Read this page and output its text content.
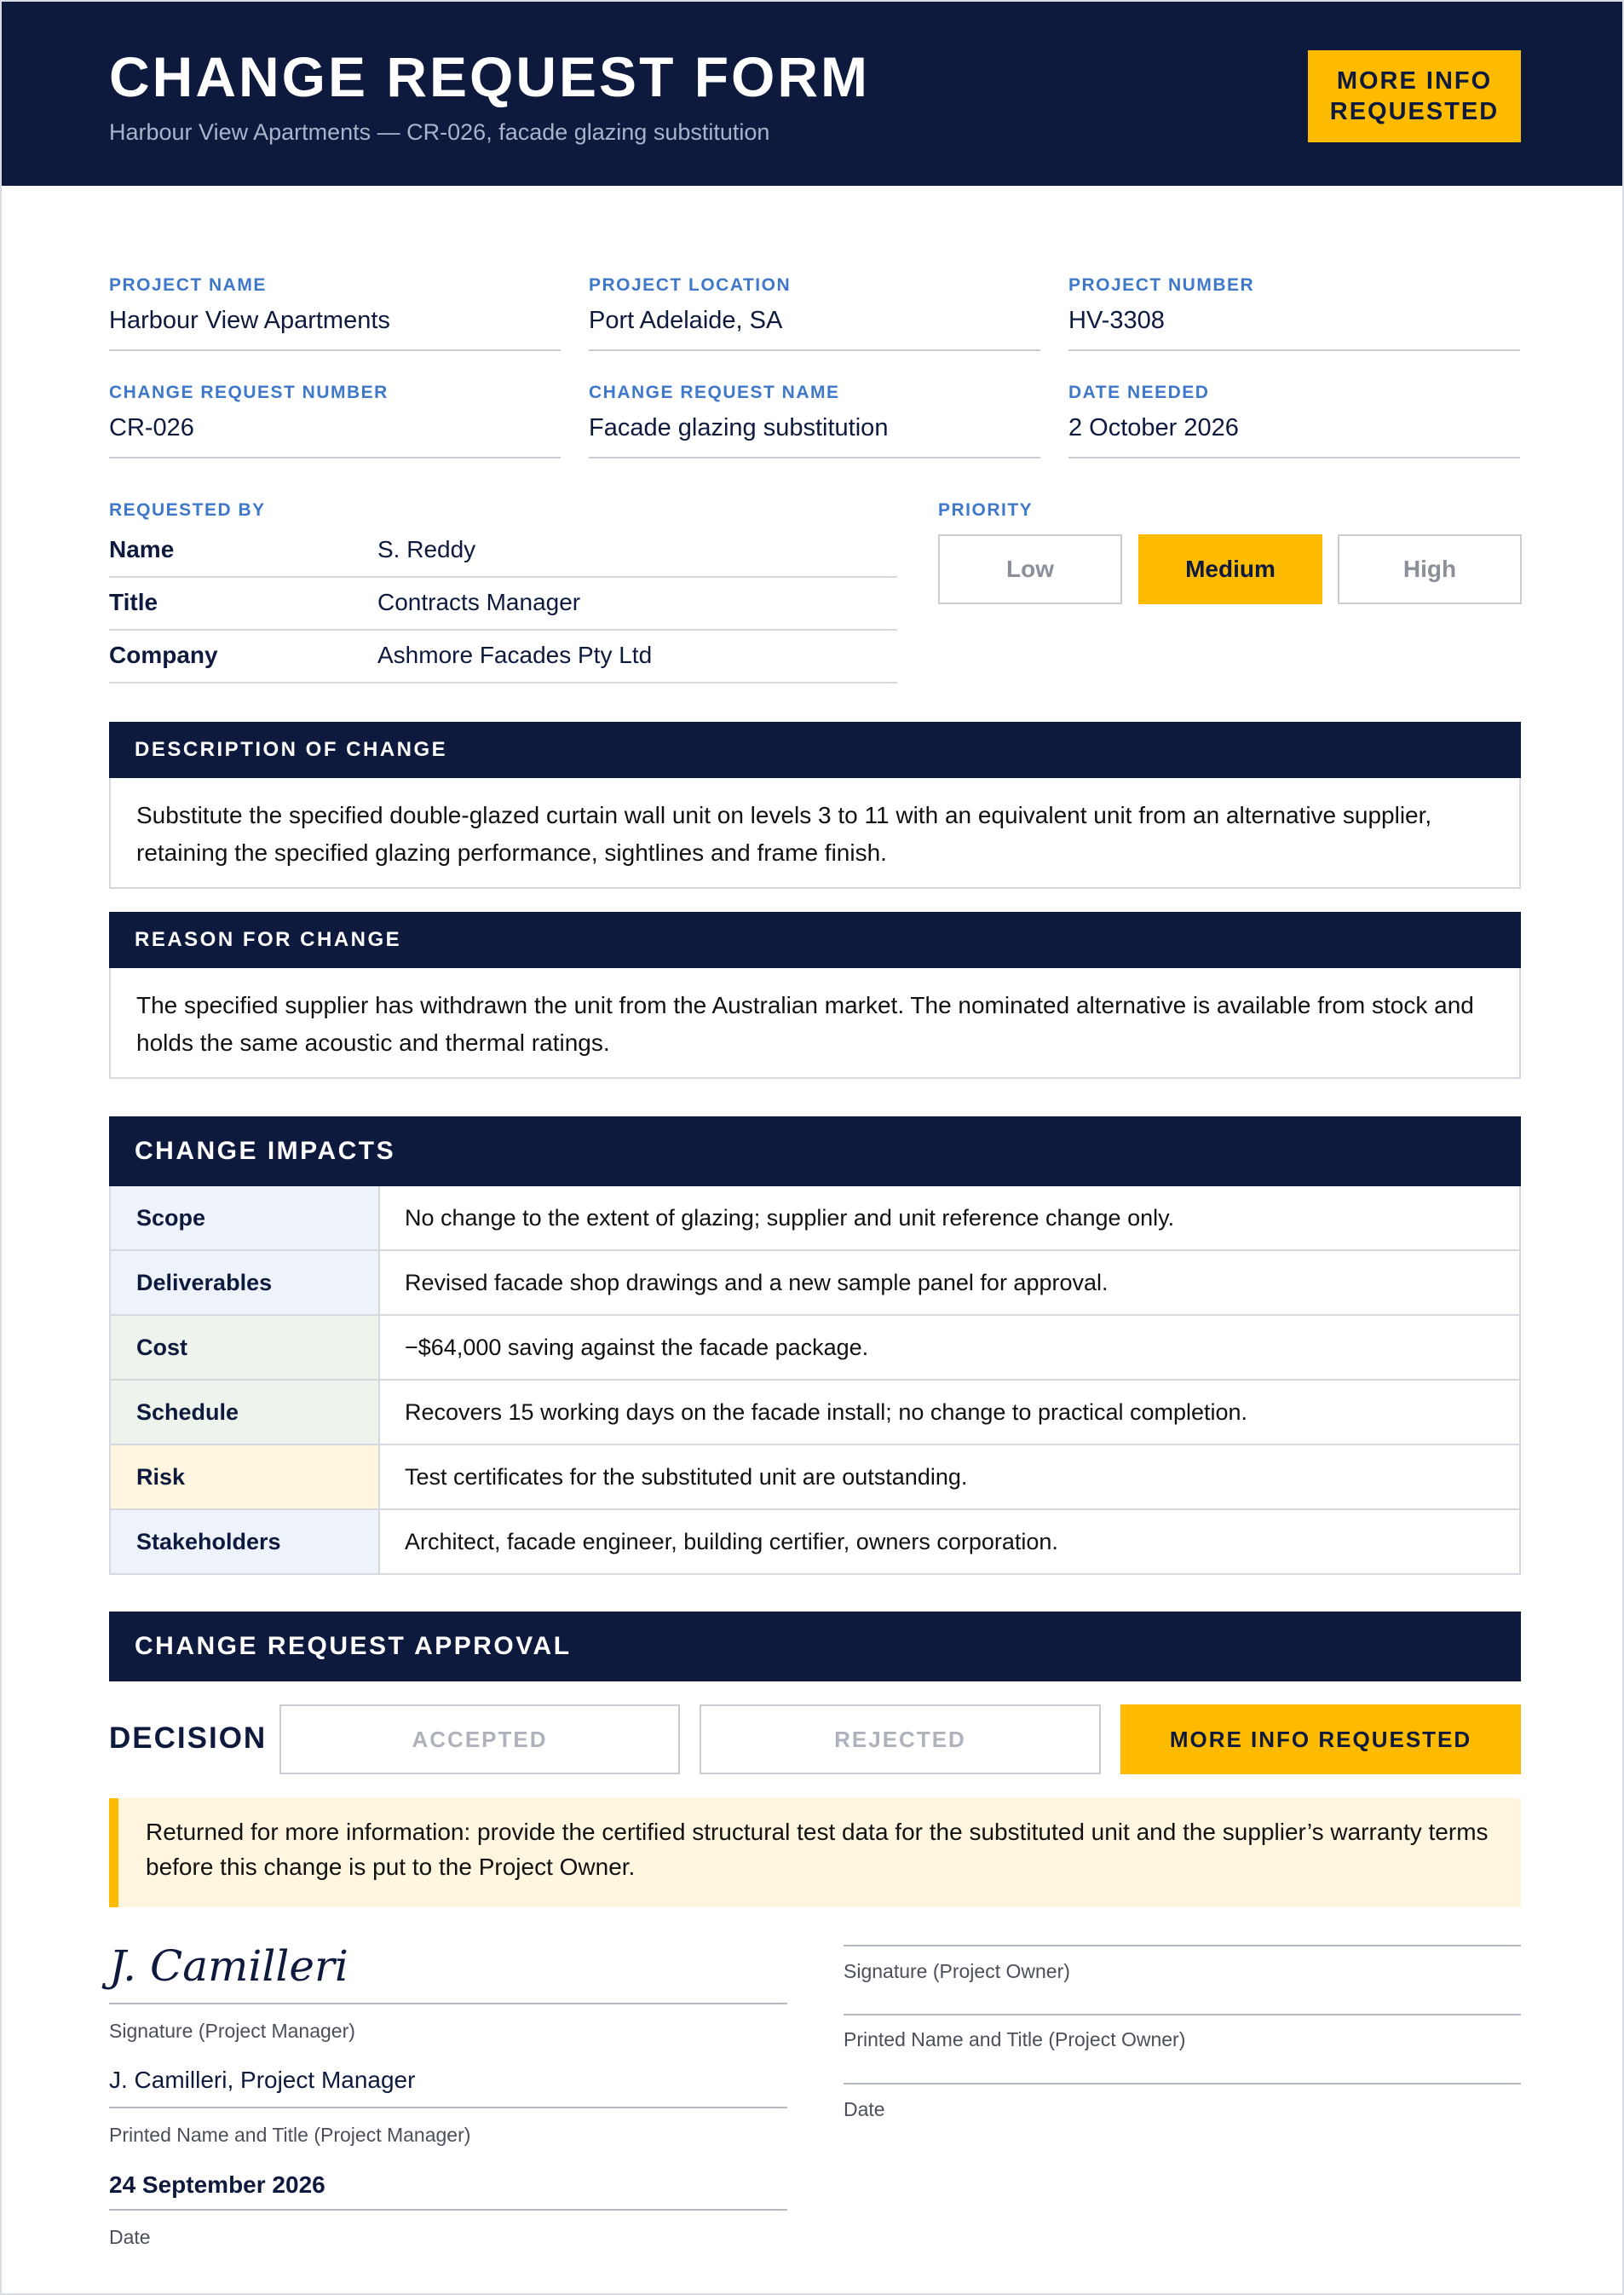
CHANGE REQUEST FORM
Harbour View Apartments — CR-026, facade glazing substitution
MORE INFO
REQUESTED
PROJECT NAME
Harbour View Apartments
PROJECT LOCATION
Port Adelaide, SA
PROJECT NUMBER
HV-3308
CHANGE REQUEST NUMBER
CR-026
CHANGE REQUEST NAME
Facade glazing substitution
DATE NEEDED
2 October 2026
REQUESTED BY
Name	S. Reddy
Title	Contracts Manager
Company	Ashmore Facades Pty Ltd
PRIORITY
Low	Medium	High
DESCRIPTION OF CHANGE
Substitute the specified double-glazed curtain wall unit on levels 3 to 11 with an equivalent unit from an alternative supplier, retaining the specified glazing performance, sightlines and frame finish.
REASON FOR CHANGE
The specified supplier has withdrawn the unit from the Australian market. The nominated alternative is available from stock and holds the same acoustic and thermal ratings.
CHANGE IMPACTS
Scope	No change to the extent of glazing; supplier and unit reference change only.
Deliverables	Revised facade shop drawings and a new sample panel for approval.
Cost	−$64,000 saving against the facade package.
Schedule	Recovers 15 working days on the facade install; no change to practical completion.
Risk	Test certificates for the substituted unit are outstanding.
Stakeholders	Architect, facade engineer, building certifier, owners corporation.
CHANGE REQUEST APPROVAL
DECISION	ACCEPTED	REJECTED	MORE INFO REQUESTED
Returned for more information: provide the certified structural test data for the substituted unit and the supplier’s warranty terms before this change is put to the Project Owner.
J. Camilleri
Signature (Project Manager)
J. Camilleri, Project Manager
Printed Name and Title (Project Manager)
24 September 2026
Date
Signature (Project Owner)
Printed Name and Title (Project Owner)
Date
